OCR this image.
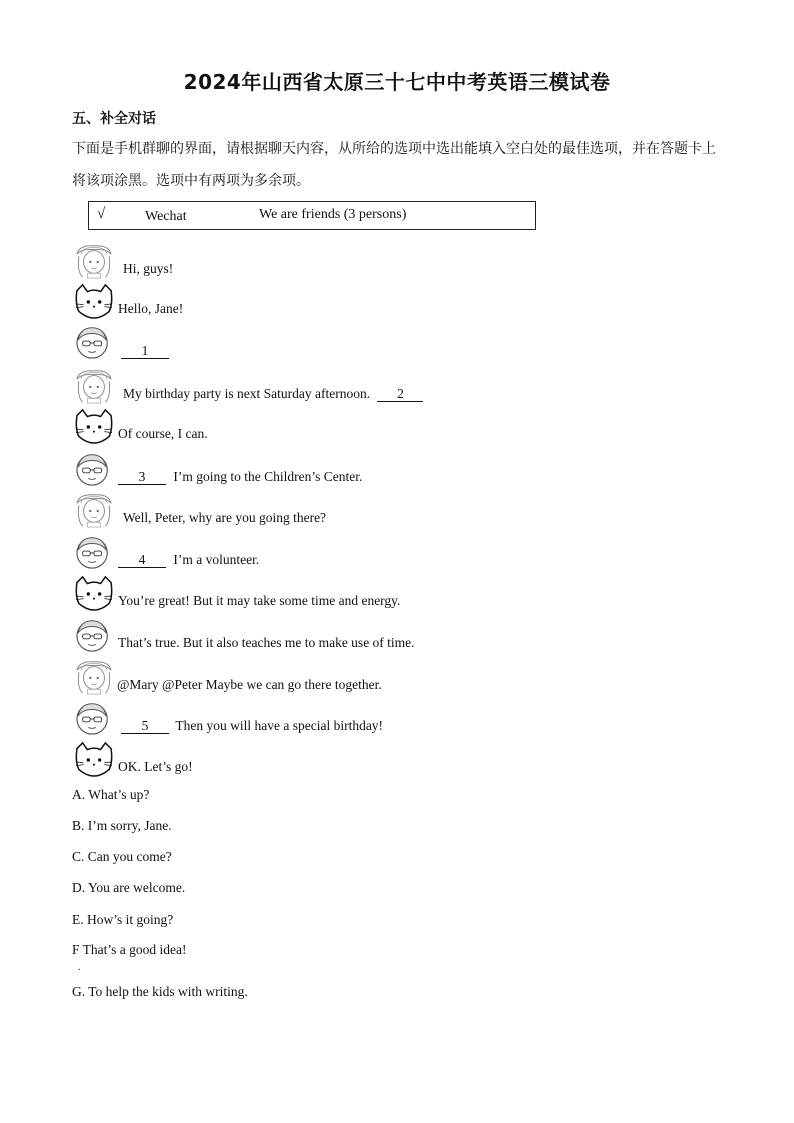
2024年山西省太原三十七中中考英语三模试卷
五、补全对话
下面是手机群聊的界面，请根据聊天内容，从所给的选项中选出能填入空白处的最佳选项，并在答题卡上
将该项涂黑。选项中有两项为多余项。
√	Wechat	We are friends (3 persons)
Hi, guys!
Hello, Jane!
1
My birthday party is next Saturday afternoon. 2
Of course, I can.
3 I’m going to the Children’s Center.
Well, Peter, why are you going there?
4 I’m a volunteer.
You’re great! But it may take some time and energy.
That’s true. But it also teaches me to make use of time.
@Mary @Peter Maybe we can go there together.
5 Then you will have a special birthday!
OK. Let’s go!
A. What’s up?
B. I’m sorry, Jane.
C. Can you come?
D. You are welcome.
E. How’s it going?
F That’s a good idea!
.
G. To help the kids with writing.
